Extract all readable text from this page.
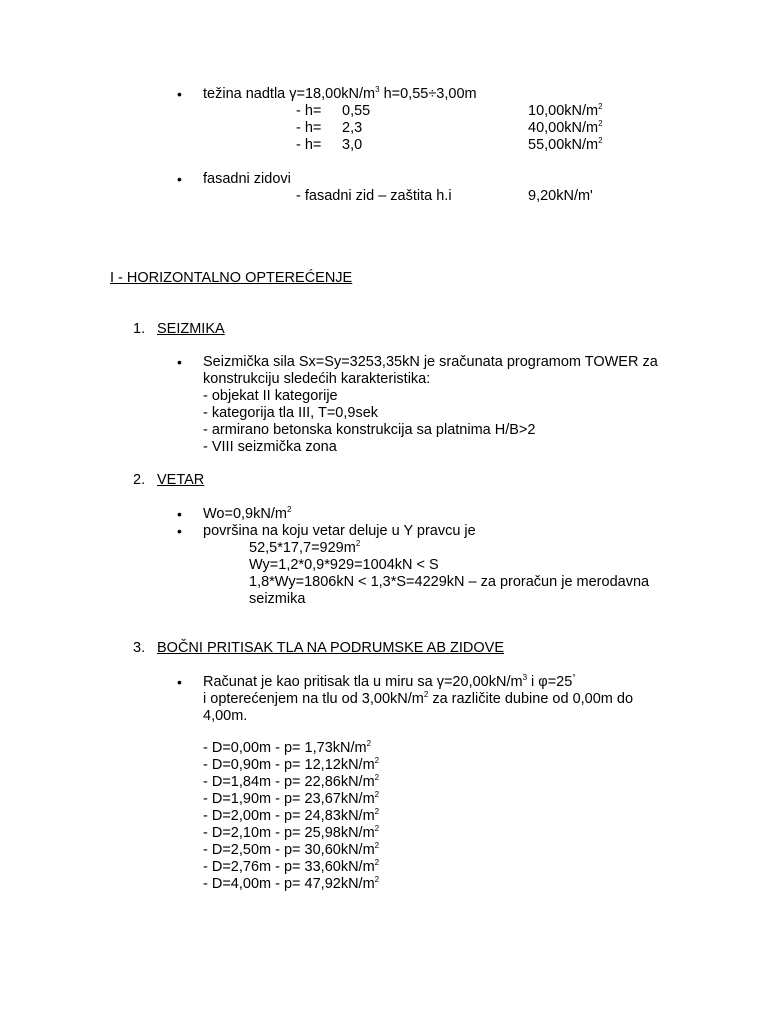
• težina nadtla $\gamma=18,00kN/m^3$ h=0,55÷3,00m
- h= 0,55	$10,00kN/m^2$
- h= 2,3	$40,00kN/m^2$
- h= 3,0	$55,00kN/m^2$
• fasadni zidovi
- fasadni zid – zaštita h.i	9,20kN/m'
I - HORIZONTALNO OPTEREĆENJE
1. SEIZMIKA
• Seizmička sila Sx=Sy=3253,35kN je sračunata programom TOWER za
konstrukciju sledećih karakteristika:
- objekat II kategorije
- kategorija tla III, T=0,9sek
- armirano betonska konstrukcija sa platnima H/B>2
- VIII seizmička zona
2. VETAR
• $Wo=0,9kN/m^2$
• površina na koju vetar deluje u Y pravcu je
$52,5*17,7=929m^2$
Wy=1,2*0,9*929=1004kN < S
1,8*Wy=1806kN < 1,3*S=4229kN – za proračun je merodavna
seizmika
3. BOČNI PRITISAK TLA NA PODRUMSKE AB ZIDOVE
• Računat je kao pritisak tla u miru sa $\gamma=20,00kN/m^3$ i φ=25°
i opterećenjem na tlu od $3,00kN/m^2$ za različite dubine od 0,00m do
4,00m.
- $D=0,00m - p= 1,73kN/m^2$
- $D=0,90m - p= 12,12kN/m^2$
- $D=1,84m - p= 22,86kN/m^2$
- $D=1,90m - p= 23,67kN/m^2$
- $D=2,00m - p= 24,83kN/m^2$
- $D=2,10m - p= 25,98kN/m^2$
- $D=2,50m - p= 30,60kN/m^2$
- $D=2,76m - p= 33,60kN/m^2$
- $D=4,00m - p= 47,92kN/m^2$
